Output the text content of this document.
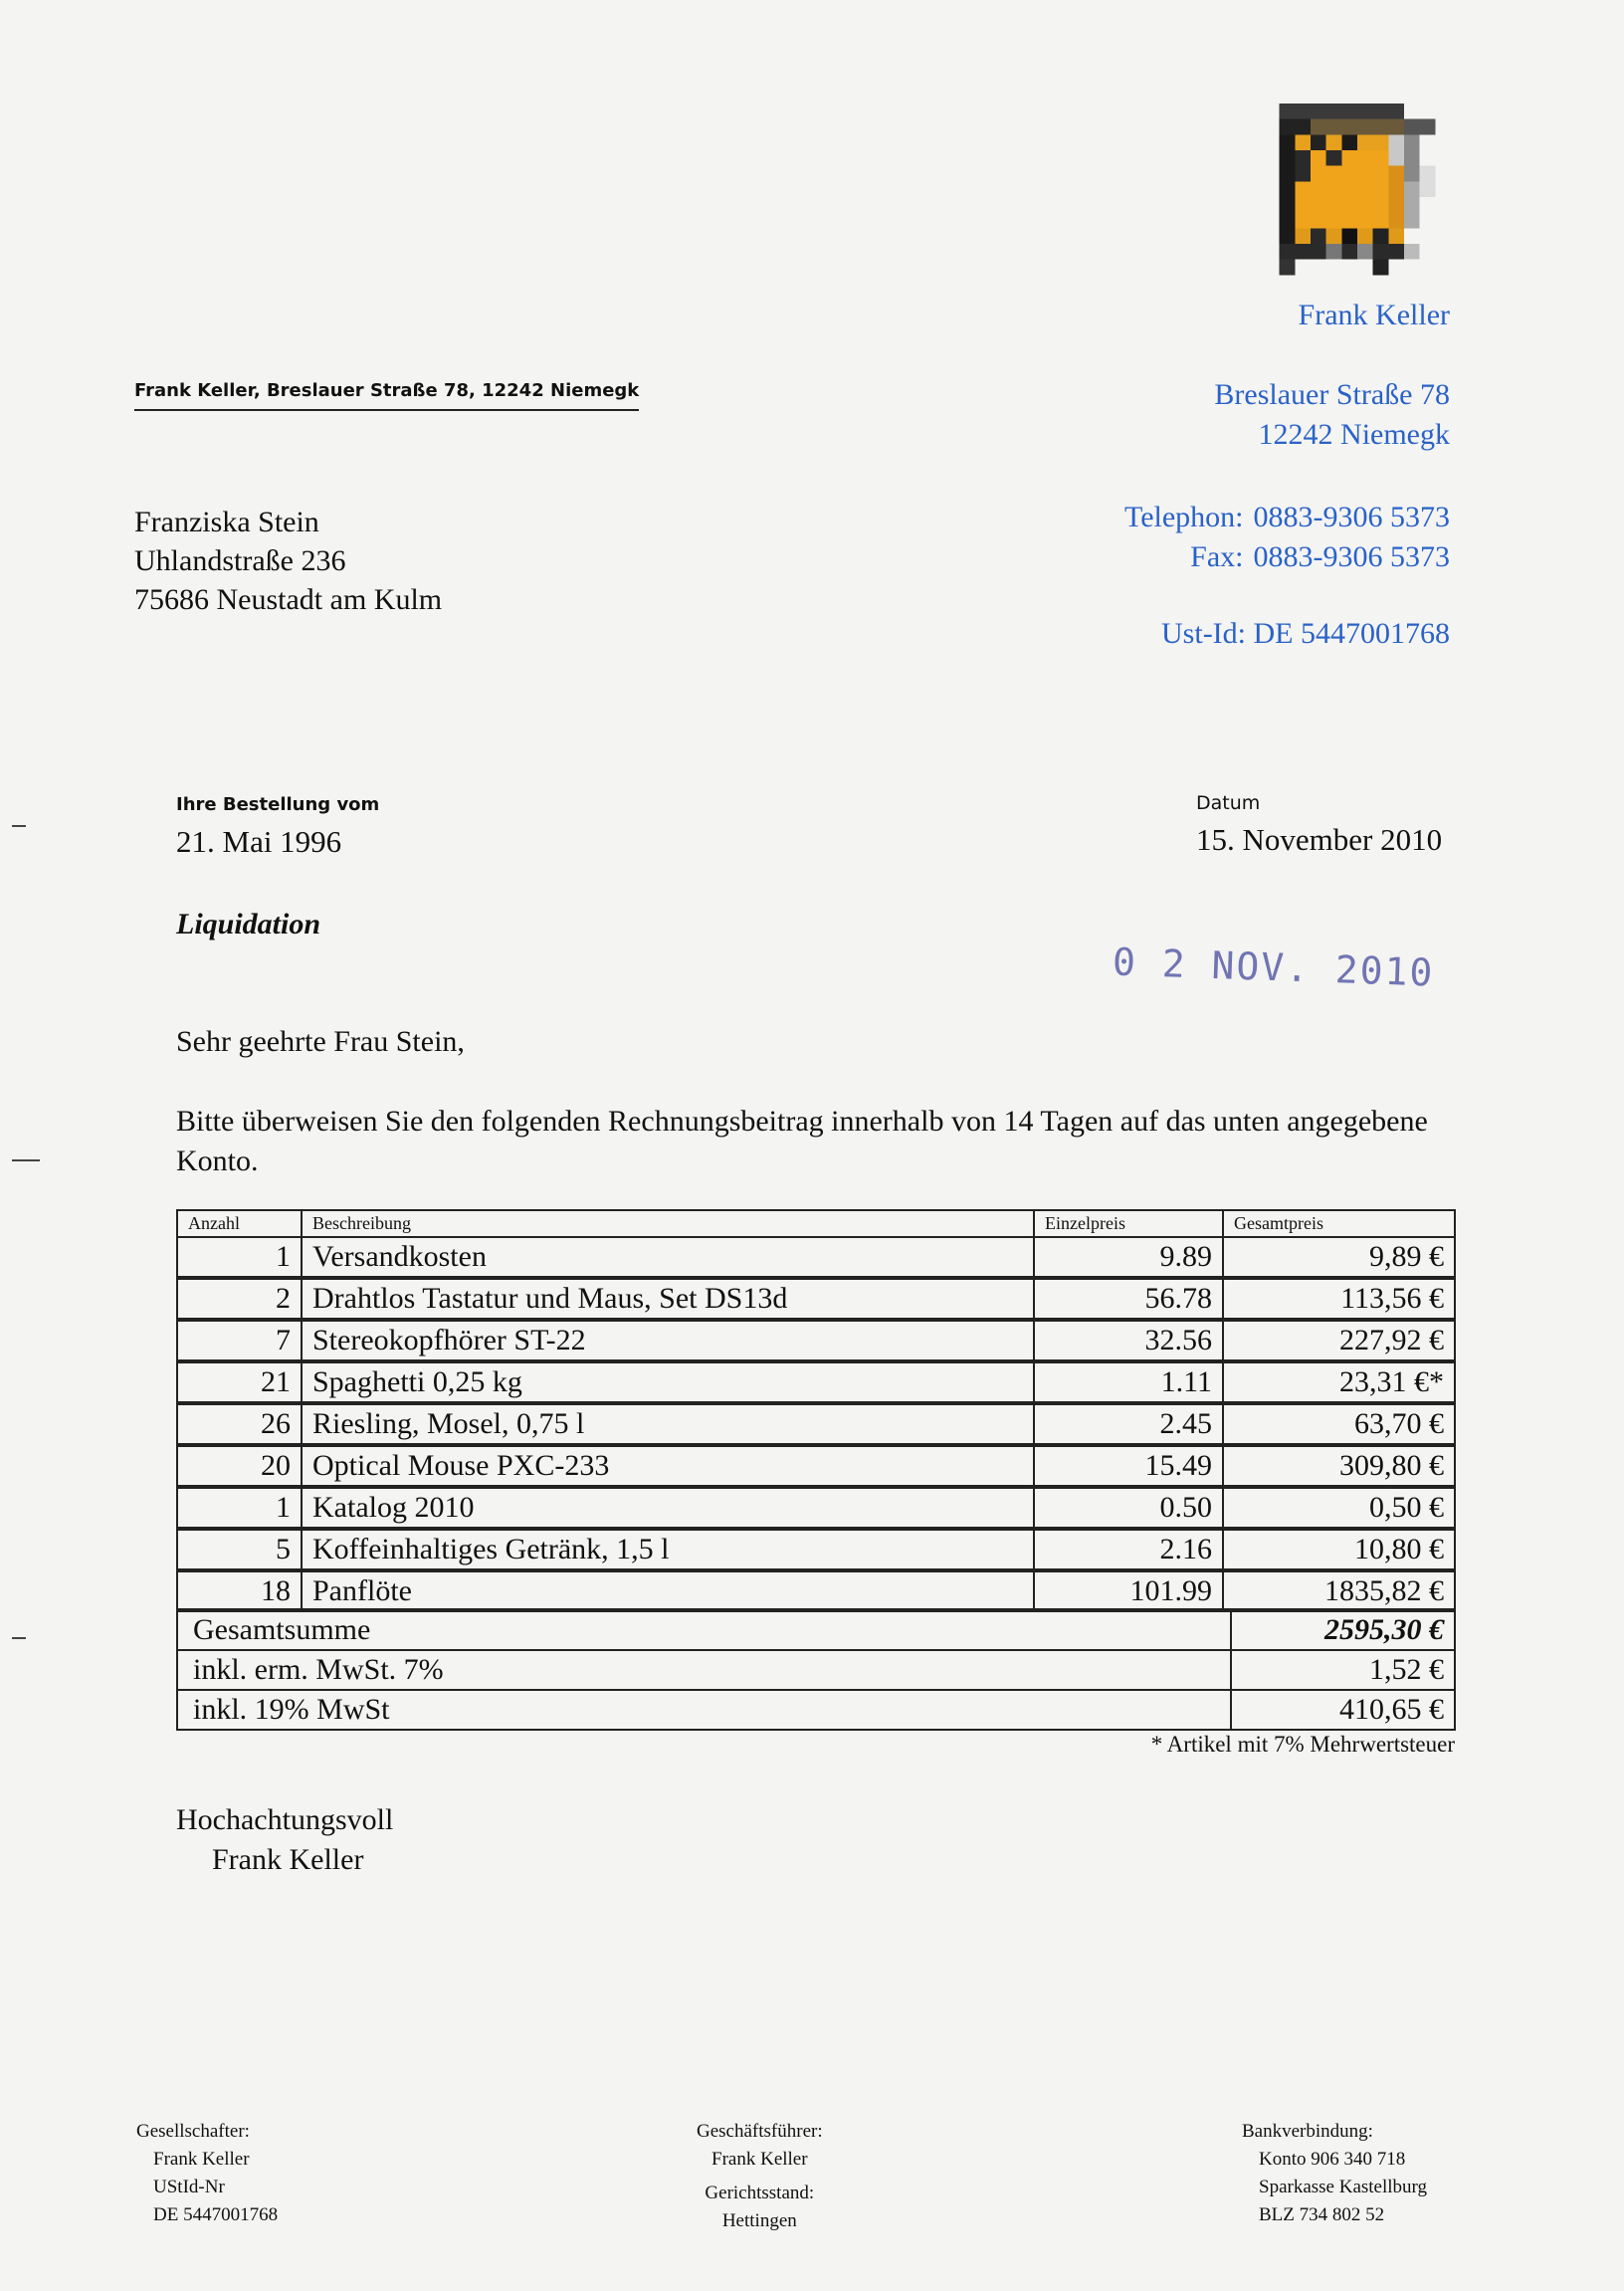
Frank Keller
Breslauer Straße 78
12242 Niemegk
Telephon: 0883-9306 5373
Fax: 0883-9306 5373
Ust-Id: DE 5447001768
Frank Keller, Breslauer Straße 78, 12242 Niemegk
Franziska Stein
Uhlandstraße 236
75686 Neustadt am Kulm
Ihre Bestellung vom
21. Mai 1996
Datum
15. November 2010
Liquidation
0 2 NOV. 2010
Sehr geehrte Frau Stein,
Bitte überweisen Sie den folgenden Rechnungsbeitrag innerhalb von 14 Tagen auf das unten angegebene Konto.
Anzahl	Beschreibung	Einzelpreis	Gesamtpreis
1	Versandkosten	9.89	9,89 €
2	Drahtlos Tastatur und Maus, Set DS13d	56.78	113,56 €
7	Stereokopfhörer ST-22	32.56	227,92 €
21	Spaghetti 0,25 kg	1.11	23,31 €*
26	Riesling, Mosel, 0,75 l	2.45	63,70 €
20	Optical Mouse PXC-233	15.49	309,80 €
1	Katalog 2010	0.50	0,50 €
5	Koffeinhaltiges Getränk, 1,5 l	2.16	10,80 €
18	Panflöte	101.99	1835,82 €
Gesamtsumme	2595,30 €
inkl. erm. MwSt. 7%	1,52 €
inkl. 19% MwSt	410,65 €
* Artikel mit 7% Mehrwertsteuer
Hochachtungsvoll
Frank Keller
Gesellschafter:
Frank Keller
UStId-Nr
DE 5447001768
Geschäftsführer:
Frank Keller
Gerichtsstand:
Hettingen
Bankverbindung:
Konto 906 340 718
Sparkasse Kastellburg
BLZ 734 802 52
